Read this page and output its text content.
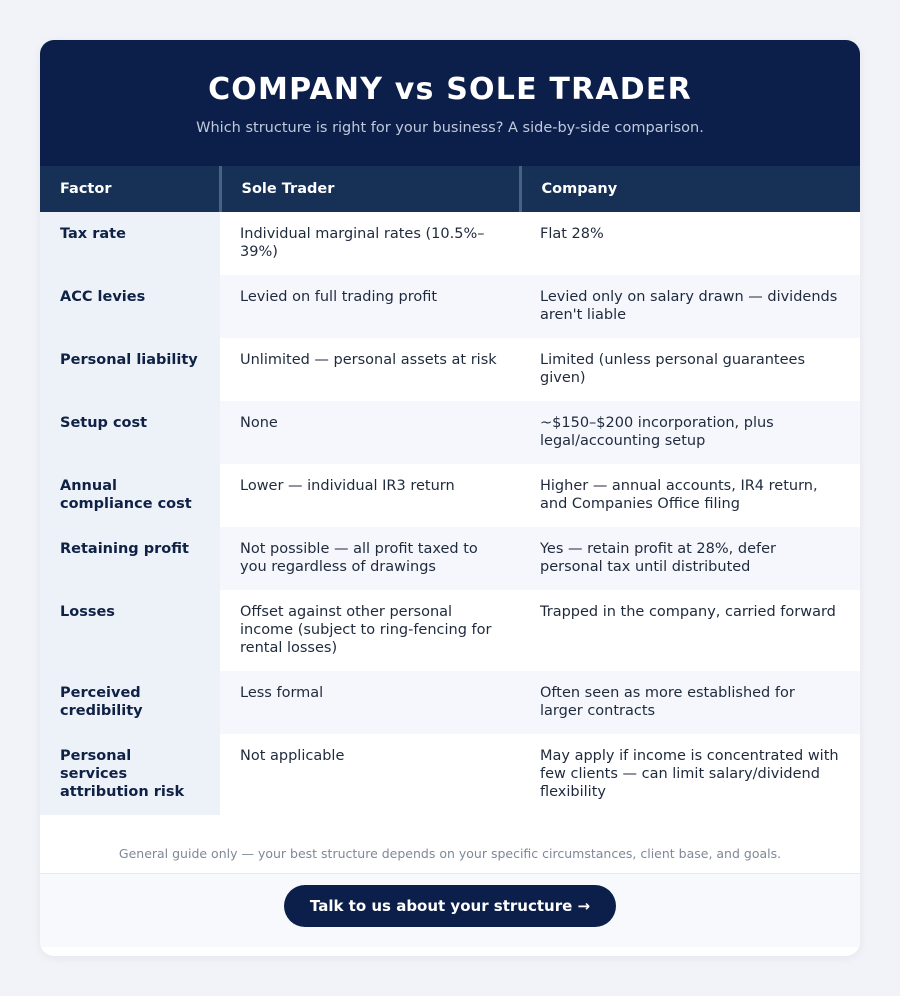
COMPANY vs SOLE TRADER

Which structure is right for your business? A side-by-side comparison.

Factor	Sole Trader	Company
Tax rate	Individual marginal rates (10.5%–39%)	Flat 28%
ACC levies	Levied on full trading profit	Levied only on salary drawn — dividends aren't liable
Personal liability	Unlimited — personal assets at risk	Limited (unless personal guarantees given)
Setup cost	None	~$150–$200 incorporation, plus legal/accounting setup
Annual compliance cost	Lower — individual IR3 return	Higher — annual accounts, IR4 return, and Companies Office filing
Retaining profit	Not possible — all profit taxed to you regardless of drawings	Yes — retain profit at 28%, defer personal tax until distributed
Losses	Offset against other personal income (subject to ring-fencing for rental losses)	Trapped in the company, carried forward
Perceived credibility	Less formal	Often seen as more established for larger contracts
Personal services attribution risk	Not applicable	May apply if income is concentrated with few clients — can limit salary/dividend flexibility

General guide only — your best structure depends on your specific circumstances, client base, and goals.

Talk to us about your structure →
